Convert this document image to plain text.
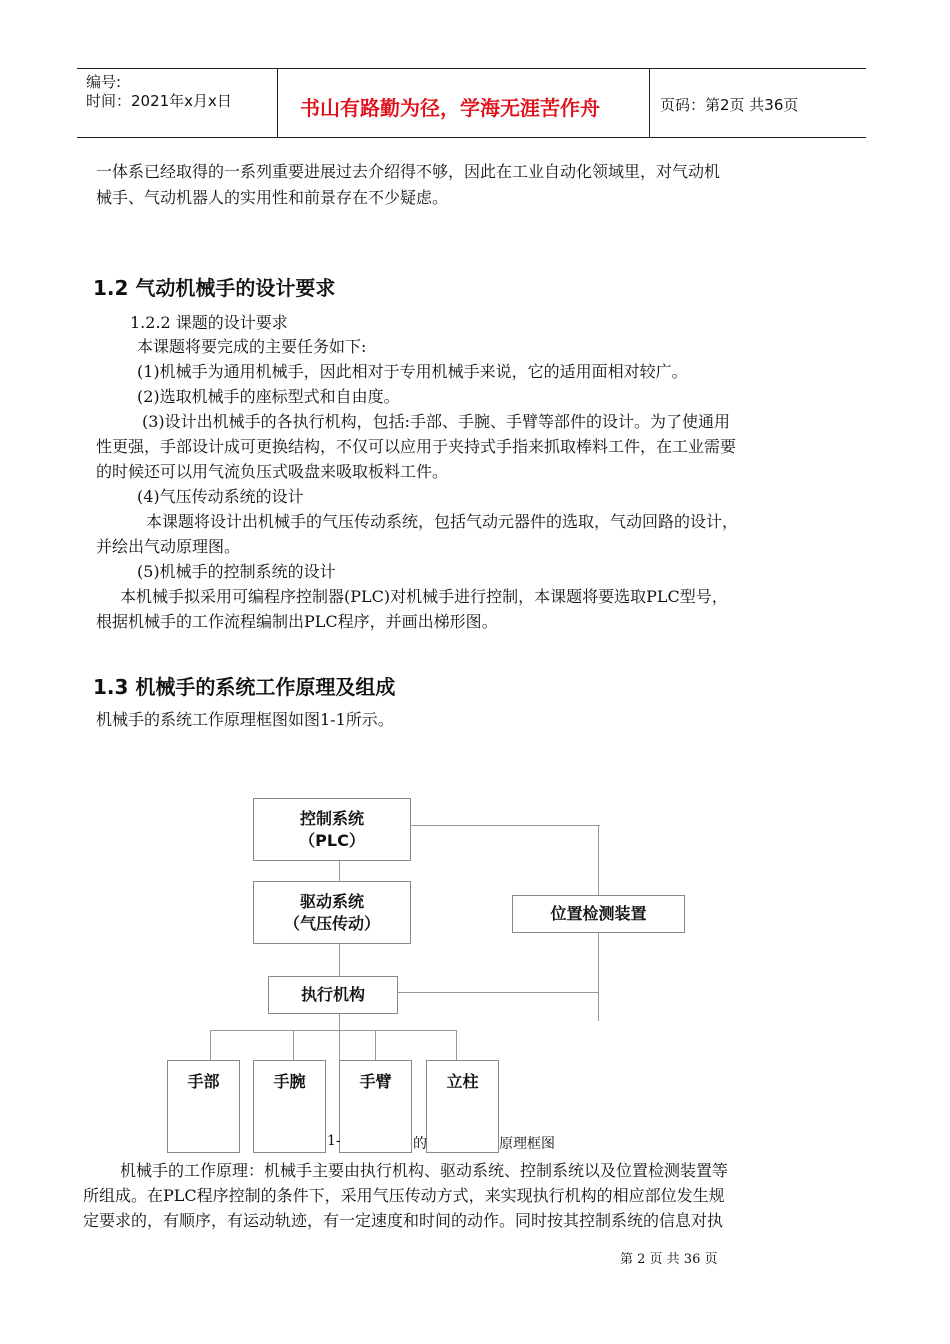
编号:
时间：2021年x月x日	书山有路勤为径，学海无涯苦作舟	页码：第2页 共36页
一体系已经取得的一系列重要进展过去介绍得不够，因此在工业自动化领域里，对气动机
械手、气动机器人的实用性和前景存在不少疑虑。
1.2 气动机械手的设计要求
1.2.2 课题的设计要求
本课题将要完成的主要任务如下:
(1)机械手为通用机械手，因此相对于专用机械手来说，它的适用面相对较广。
(2)选取机械手的座标型式和自由度。
(3)设计出机械手的各执行机构，包括:手部、手腕、手臂等部件的设计。为了使通用
性更强，手部设计成可更换结构，不仅可以应用于夹持式手指来抓取棒料工件，在工业需要
的时候还可以用气流负压式吸盘来吸取板料工件。
(4)气压传动系统的设计
本课题将设计出机械手的气压传动系统，包括气动元器件的选取，气动回路的设计，
并绘出气动原理图。
(5)机械手的控制系统的设计
本机械手拟采用可编程序控制器(PLC)对机械手进行控制，本课题将要选取PLC型号，
根据机械手的工作流程编制出PLC程序，并画出梯形图。
1.3 机械手的系统工作原理及组成
机械手的系统工作原理框图如图1-1所示。
控制系统
（PLC）
驱动系统
（气压传动）	位置检测装置
执行机构
手部	手腕	手臂	立柱
1-	的	原理框图
机械手的工作原理：机械手主要由执行机构、驱动系统、控制系统以及位置检测装置等
所组成。在PLC程序控制的条件下，采用气压传动方式，来实现执行机构的相应部位发生规
定要求的，有顺序，有运动轨迹，有一定速度和时间的动作。同时按其控制系统的信息对执
第 2 页 共 36 页
